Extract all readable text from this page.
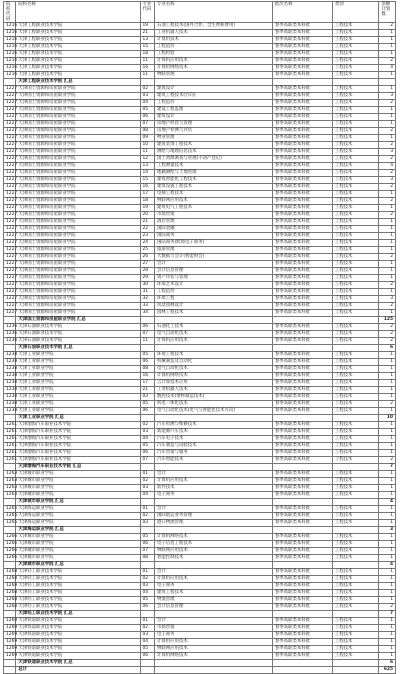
院校代码	院校名称	专业代码	专业名称	批次名称	类别	余额计划数
1216	天津工程职业技术学院	19	石油工程技术(国外合作，含生费和费用)	春季高职类本科批	工程技术	2
1216	天津工程职业技术学院	21	工业机器人技术	春季高职类本科批	工程技术	1
1216	天津工程职业技术学院	13	计算机技术	春季高职类本科批	工程技术	1
1216	天津工程职业技术学院	15	工程造价	春季高职类本科批	工程技术	1
1216	天津工程职业技术学院	18	工程检验	春季高职类本科批	工程技术	1
1216	天津工程职业技术学院	11	计算机应用技术	春季高职类本科批	工程技术	2
1216	天津工程职业技术学院	16	计算机网络技术	春季高职类本科批	工程技术	4
1216	天津工程职业技术学院	11	物联管理	春季高职类本科批	工程技术	1
	天津工程职业技术学院 汇总					
1227	天津国土资源和房屋职业学院	02	建筑设计	春季高职类本科批	工程技术	1
1227	天津国土资源和房屋职业学院	03	建筑工程技术(方向)	春季高职类本科批	工程技术	3
1227	天津国土资源和房屋职业学院	04	工程造价	春季高职类本科批	工程技术	2
1227	天津国土资源和房屋职业学院	05	建设工程监理	春季高职类本科批	工程技术	1
1227	天津国土资源和房屋职业学院	06	建筑设计	春季高职类本科批	工程技术	1
1227	天津国土资源和房屋职业学院	07	房地产经营与管理	春季高职类本科批	工程技术	1
1227	天津国土资源和房屋职业学院	08	房地产检测与评估	春季高职类本科批	工程技术	2
1227	天津国土资源和房屋职业学院	09	物业管理	春季高职类本科批	工程技术	1
1227	天津国土资源和房屋职业学院	10	建筑装饰工程技术	春季高职类本科批	工程技术	2
1227	天津国土资源和房屋职业学院	11	测绘与地理信息技术	春季高职类本科批	工程技术	3
1227	天津国土资源和房屋职业学院	12	国土资源调查与管理(不动产登记)	春季高职类本科批	工程技术	2
1227	天津国土资源和房屋职业学院	13	工程测量技术	春季高职类本科批	工程技术	4
1227	天津国土资源和房屋职业学院	14	地籍测绘与土地管理	春季高职类本科批	工程技术	2
1227	天津国土资源和房屋职业学院	15	建筑智能化工程技术	春季高职类本科批	工程技术	3
1227	天津国土资源和房屋职业学院	16	建筑设备工程技术	春季高职类本科批	工程技术	2
1227	天津国土资源和房屋职业学院	17	电梯工程技术	春季高职类本科批	工程技术	1
1227	天津国土资源和房屋职业学院	18	物联网应用技术	春季高职类本科批	工程技术	2
1227	天津国土资源和房屋职业学院	19	建筑电气工程技术	春季高职类本科批	工程技术	1
1227	天津国土资源和房屋职业学院	20	市场营销	春季高职类本科批	工程技术	2
1227	天津国土资源和房屋职业学院	21	酒店管理	春季高职类本科批	工程技术	1
1227	天津国土资源和房屋职业学院	22	国际金融	春季高职类本科批	工程技术	1
1227	天津国土资源和房屋职业学院	23	国际商务	春季高职类本科批	工程技术	1
1227	天津国土资源和房屋职业学院	24	国际商务(跨境电子商务)	春季高职类本科批	工程技术	1
1227	天津国土资源和房屋职业学院	25	旅游管理	春季高职类本科批	工程技术	1
1227	天津国土资源和房屋职业学院	26	大数据与会计(智能财会)	春季高职类本科批	工程技术	2
1227	天津国土资源和房屋职业学院	27	会计	春季高职类本科批	工程技术	1
1227	天津国土资源和房屋职业学院	28	会计信息管理	春季高职类本科批	工程技术	1
1227	天津国土资源和房屋职业学院	29	资产评估与管理	春季高职类本科批	工程技术	1
1227	天津国土资源和房屋职业学院	30	环境艺术设计	春季高职类本科批	工程技术	2
1227	天津国土资源和房屋职业学院	31	工程造价	春季高职类本科批	工程技术	1
1227	天津国土资源和房屋职业学院	32	环境工程	春季高职类本科批	工程技术	3
1227	天津国土资源和房屋职业学院	33	风景园林设计	春季高职类本科批	工程技术	2
1227	天津国土资源和房屋职业学院	34	园林工程技术	春季高职类本科批	工程技术	1
	天津国土资源和房屋职业学院 汇总					125
1236	天津石油职业技术学院	06	石油化工技术	春季高职类本科批	工程技术	2
1236	天津石油职业技术学院	07	电气自动化技术	春季高职类本科批	工程技术	2
1236	天津石油职业技术学院	11	计算机应用技术	春季高职类本科批	工程技术	2
	天津石油职业技术学院 汇总					6
1238	天津工业职业学院	05	环境工程技术	春季高职类本科批	工程技术	1
1238	天津工业职业学院	06	机械制造及自动化	春季高职类本科批	工程技术	1
1238	天津工业职业学院	08	电气自动化技术	春季高职类本科批	工程技术	1
1238	天津工业职业学院	16	计算机网络技术	春季高职类本科批	工程技术	1
1238	天津工业职业学院	17	云计算技术应用	春季高职类本科批	工程技术	1
1238	天津工业职业学院	21	工业机器人技术	春季高职类本科批	工程技术	1
1238	天津工业职业学院	03	数控技术(增材制造技术)	春季高职类本科批	工程技术	1
1238	天津工业职业学院	05	机电一体化技术	春季高职类本科批	工程技术	2
1238	天津工业职业学院	06	电气自动化技术(电气与智能化技术方向)	春季高职类本科批	工程技术	1
	天津工业职业学院 汇总					10
1261	天津渤海汽车职业技术学院	02	汽车检测与维修技术	春季高职类本科批	工程技术	1
1261	天津渤海汽车职业技术学院	03	新能源汽车技术	春季高职类本科批	工程技术	1
1261	天津渤海汽车职业技术学院	04	汽车电子技术	春季高职类本科批	工程技术	1
1261	天津渤海汽车职业技术学院	05	汽车制造与试验技术	春季高职类本科批	工程技术	1
1261	天津渤海汽车职业技术学院	06	汽车营销与服务	春季高职类本科批	工程技术	1
1261	天津渤海汽车职业技术学院	07	汽车智能技术	春季高职类本科批	工程技术	2
	天津渤海汽车职业技术学院 汇总					7
1263	天津城市职业学院	01	会计	春季高职类本科批	工程技术	1
1263	天津城市职业学院	02	计算机应用技术	春季高职类本科批	工程技术	1
1263	天津城市职业学院	03	软件技术	春季高职类本科批	工程技术	1
1263	天津城市职业学院	04	电子商务	春季高职类本科批	工程技术	1
	天津城市职业学院 汇总					4
1265	天津海运职业学院	01	会计	春季高职类本科批	工程技术	1
1265	天津海运职业学院	02	国际航运业务管理	春季高职类本科批	工程技术	1
1265	天津海运职业学院	03	港口物流管理	春季高职类本科批	工程技术	1
	天津海运职业学院 汇总					3
1266	天津城市职业学院	05	计算机网络技术	春季高职类本科批	工程技术	1
1266	天津城市职业学院	06	电子信息工程技术	春季高职类本科批	工程技术	1
1266	天津城市职业学院	07	物联网应用技术	春季高职类本科批	工程技术	1
1266	天津城市职业学院	08	智能控制技术	春季高职类本科批	工程技术	1
	天津城市职业学院 汇总					4
1268	天津轻工职业技术学院	01	会计	春季高职类本科批	工程技术	1
1268	天津轻工职业技术学院	02	计算机应用技术	春季高职类本科批	工程技术	1
1268	天津轻工职业技术学院	03	电子商务	春季高职类本科批	工程技术	1
1268	天津轻工职业技术学院	04	建筑工程技术	春季高职类本科批	工程技术	1
1268	天津轻工职业技术学院	05	物流管理	春季高职类本科批	工程技术	1
1268	天津轻工职业技术学院	06	会计信息管理	春季高职类本科批	工程技术	2
	天津轻工职业技术学院 汇总					7
1269	天津铁道职业技术学院	01	会计	春季高职类本科批	工程技术	1
1269	天津铁道职业技术学院	02	市场营销	春季高职类本科批	工程技术	1
1269	天津铁道职业技术学院	03	电子商务	春季高职类本科批	工程技术	1
1269	天津铁道职业技术学院	04	计算机应用技术	春季高职类本科批	工程技术	1
1269	天津铁道职业技术学院	05	物联网应用技术	春季高职类本科批	工程技术	1
1269	天津铁道职业技术学院	06	计算机网络技术	春季高职类本科批	工程技术	1
	天津铁道职业技术学院 汇总					6
	总计					625
